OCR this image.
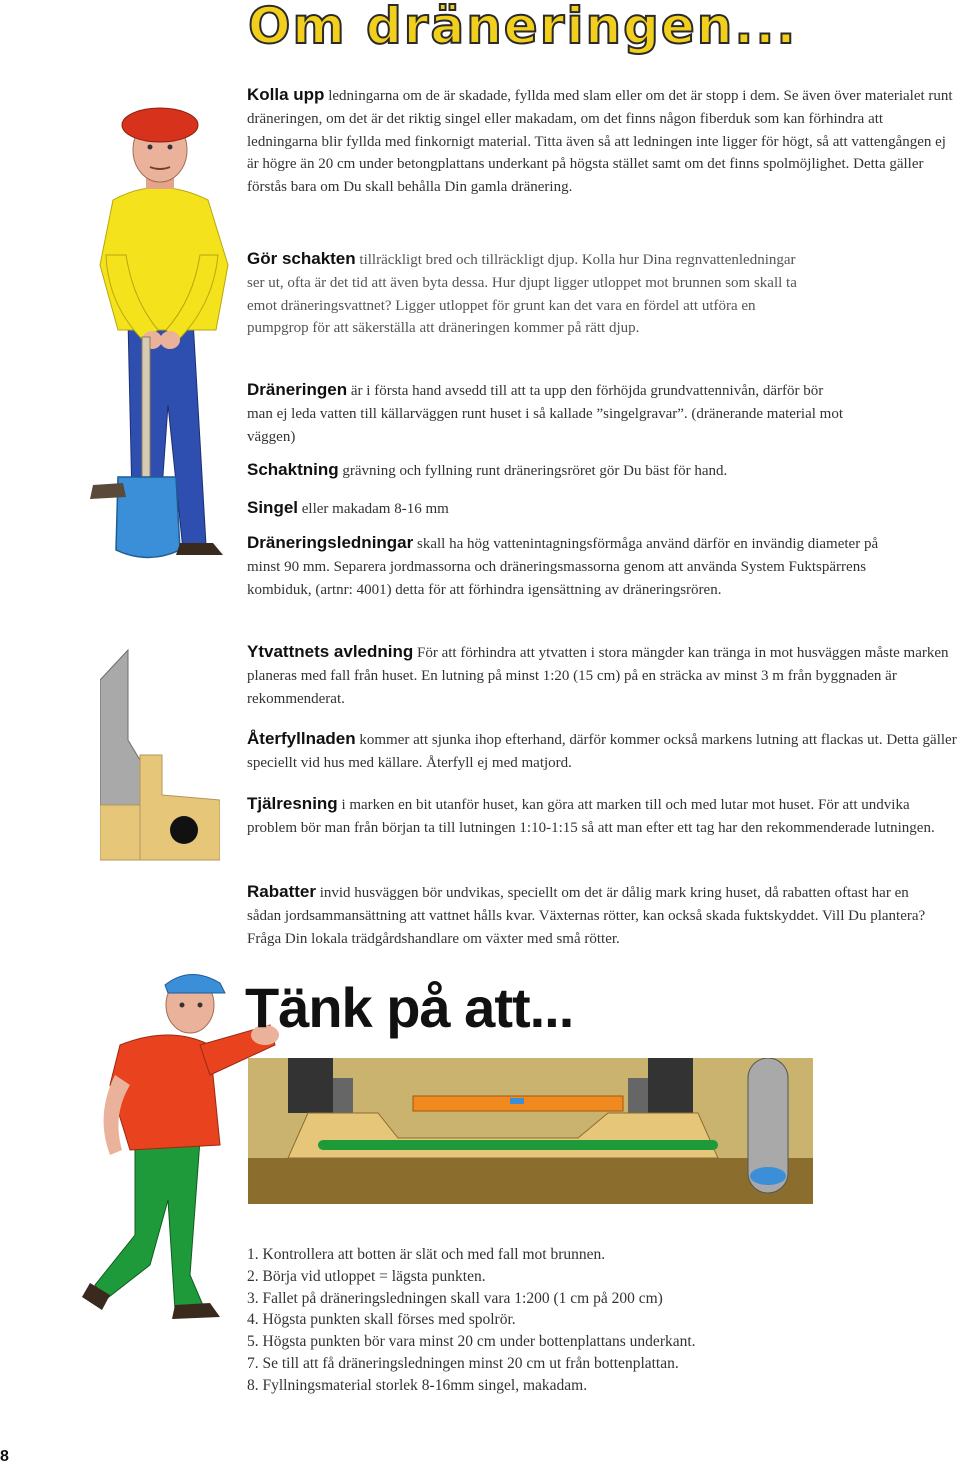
Om dräneringen...
Kolla upp ledningarna om de är skadade, fyllda med slam eller om det är stopp i dem. Se även över materialet runt dräneringen, om det är det riktig singel eller makadam, om det finns någon fiberduk som kan förhindra att ledningarna blir fyllda med finkornigt material. Titta även så att ledningen inte ligger för högt, så att vattengången ej är högre än 20 cm under betongplattans underkant på högsta stället samt om det finns spolmöjlighet. Detta gäller förstås bara om Du skall behålla Din gamla dränering.
Gör schakten tillräckligt bred och tillräckligt djup. Kolla hur Dina regnvattenledningar ser ut, ofta är det tid att även byta dessa. Hur djupt ligger utloppet mot brunnen som skall ta emot dräneringsvattnet? Ligger utloppet för grunt kan det vara en fördel att utföra en pumpgrop för att säkerställa att dräneringen kommer på rätt djup.
Dräneringen är i första hand avsedd till att ta upp den förhöjda grundvattennivån, därför bör man ej leda vatten till källarväggen runt huset i så kallade ”singelgravar”. (dränerande material mot väggen)
Schaktning grävning och fyllning runt dräneringsröret gör Du bäst för hand.
Singel eller makadam 8-16 mm
Dräneringsledningar skall ha hög vattenintagningsförmåga använd därför en invändig diameter på minst 90 mm. Separera jordmassorna och dräneringsmassorna genom att använda System Fuktspärrens kombiduk, (artnr: 4001) detta för att förhindra igensättning av dräneringsrören.
Ytvattnets avledning För att förhindra att ytvatten i stora mängder kan tränga in mot husväggen måste marken planeras med fall från huset. En lutning på minst 1:20 (15 cm) på en sträcka av minst 3 m från byggnaden är rekommenderat.
Återfyllnaden kommer att sjunka ihop efterhand, därför kommer också markens lutning att flackas ut. Detta gäller speciellt vid hus med källare. Återfyll ej med matjord.
Tjälresning i marken en bit utanför huset, kan göra att marken till och med lutar mot huset. För att undvika problem bör man från början ta till lutningen 1:10-1:15 så att man efter ett tag har den rekommenderade lutningen.
Rabatter invid husväggen bör undvikas, speciellt om det är dålig mark kring huset, då rabatten oftast har en sådan jordsammansättning att vattnet hålls kvar. Växternas rötter, kan också skada fuktskyddet. Vill Du plantera? Fråga Din lokala trädgårdshandlare om växter med små rötter.
Tänk på att...
1. Kontrollera att botten är slät och med fall mot brunnen.
2. Börja vid utloppet = lägsta punkten.
3. Fallet på dräneringsledningen skall vara 1:200 (1 cm på 200 cm)
4. Högsta punkten skall förses med spolrör.
5. Högsta punkten bör vara minst 20 cm under bottenplattans underkant.
7. Se till att få dräneringsledningen minst 20 cm ut från bottenplattan.
8. Fyllningsmaterial storlek 8-16mm singel, makadam.
8
